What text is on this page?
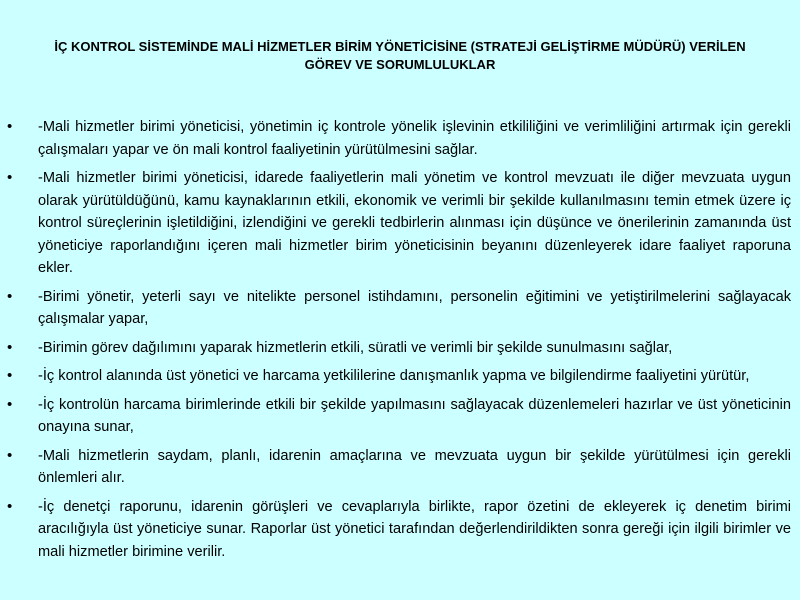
İÇ KONTROL SİSTEMİNDE MALİ HİZMETLER BİRİM YÖNETİCİSİNE (STRATEJİ GELİŞTİRME MÜDÜRÜ) VERİLEN GÖREV VE SORUMLULUKLAR
• -Mali hizmetler birimi yöneticisi, yönetimin iç kontrole yönelik işlevinin etkililiğini ve verimliliğini artırmak için gerekli çalışmaları yapar ve ön mali kontrol faaliyetinin yürütülmesini sağlar.
• -Mali hizmetler birimi yöneticisi, idarede faaliyetlerin mali yönetim ve kontrol mevzuatı ile diğer mevzuata uygun olarak yürütüldüğünü, kamu kaynaklarının etkili, ekonomik ve verimli bir şekilde kullanılmasını temin etmek üzere iç kontrol süreçlerinin işletildiğini, izlendiğini ve gerekli tedbirlerin alınması için düşünce ve önerilerinin zamanında üst yöneticiye raporlandığını içeren mali hizmetler birim yöneticisinin beyanını düzenleyerek idare faaliyet raporuna ekler.
• -Birimi yönetir, yeterli sayı ve nitelikte personel istihdamını, personelin eğitimini ve yetiştirilmelerini sağlayacak çalışmalar yapar,
• -Birimin görev dağılımını yaparak hizmetlerin etkili, süratli ve verimli bir şekilde sunulmasını sağlar,
• -İç kontrol alanında üst yönetici ve harcama yetkililerine danışmanlık yapma ve bilgilendirme faaliyetini yürütür,
• -İç kontrolün harcama birimlerinde etkili bir şekilde yapılmasını sağlayacak düzenlemeleri hazırlar ve üst yöneticinin onayına sunar,
• -Mali hizmetlerin saydam, planlı, idarenin amaçlarına ve mevzuata uygun bir şekilde yürütülmesi için gerekli önlemleri alır.
• -İç denetçi raporunu, idarenin görüşleri ve cevaplarıyla birlikte, rapor özetini de ekleyerek iç denetim birimi aracılığıyla üst yöneticiye sunar. Raporlar üst yönetici tarafından değerlendirildikten sonra gereği için ilgili birimler ve mali hizmetler birimine verilir.
